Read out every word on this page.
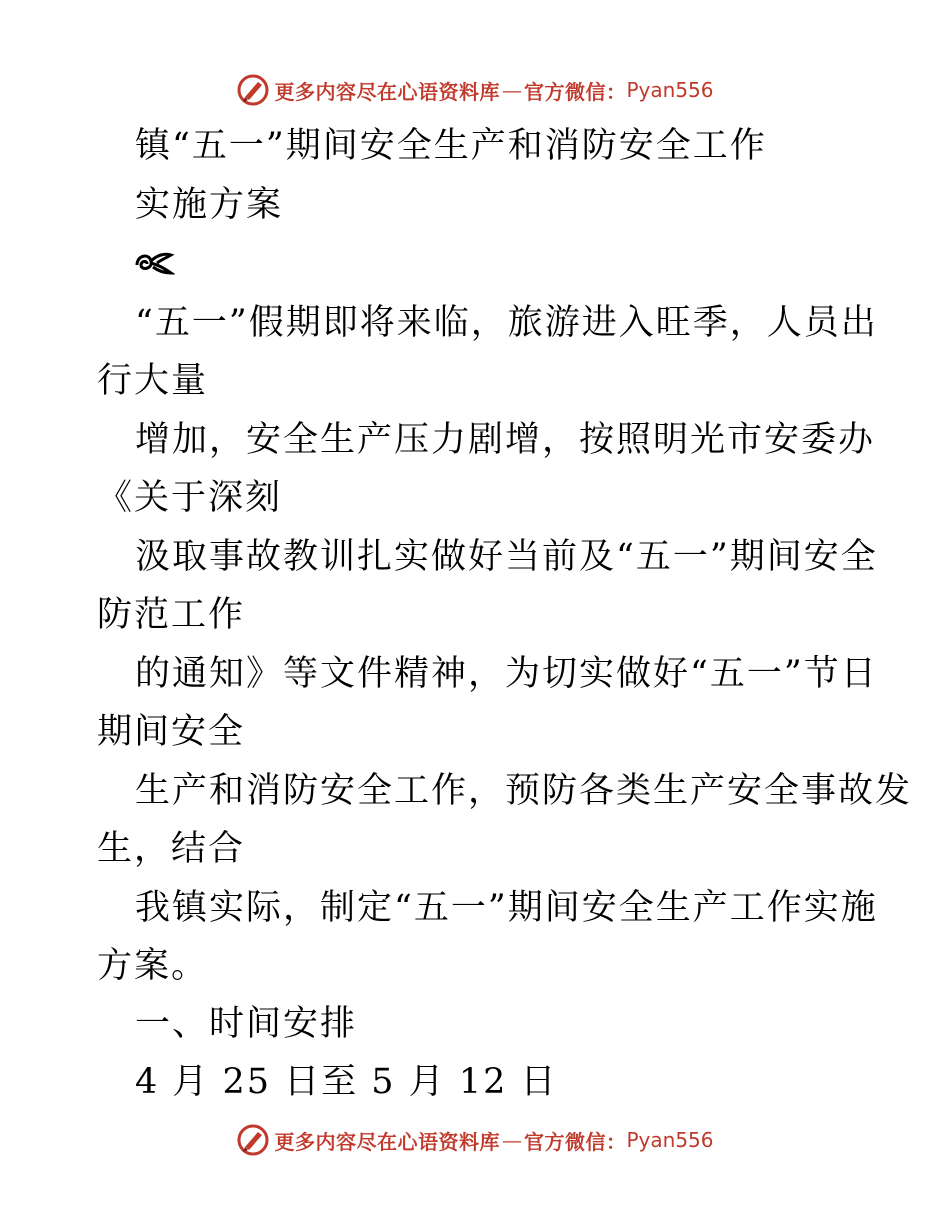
更多内容尽在心语资料库 — 官方微信： Pyan556
镇“五一”期间安全生产和消防安全工作
实施方案
“五一”假期即将来临，旅游进入旺季，人员出
行大量
增加，安全生产压力剧增，按照明光市安委办
《关于深刻
汲取事故教训扎实做好当前及“五一”期间安全
防范工作
的通知》等文件精神，为切实做好“五一”节日
期间安全
生产和消防安全工作，预防各类生产安全事故发
生，结合
我镇实际，制定“五一”期间安全生产工作实施
方案。
一、时间安排
4 月 25 日至 5 月 12 日
更多内容尽在心语资料库 — 官方微信： Pyan556
